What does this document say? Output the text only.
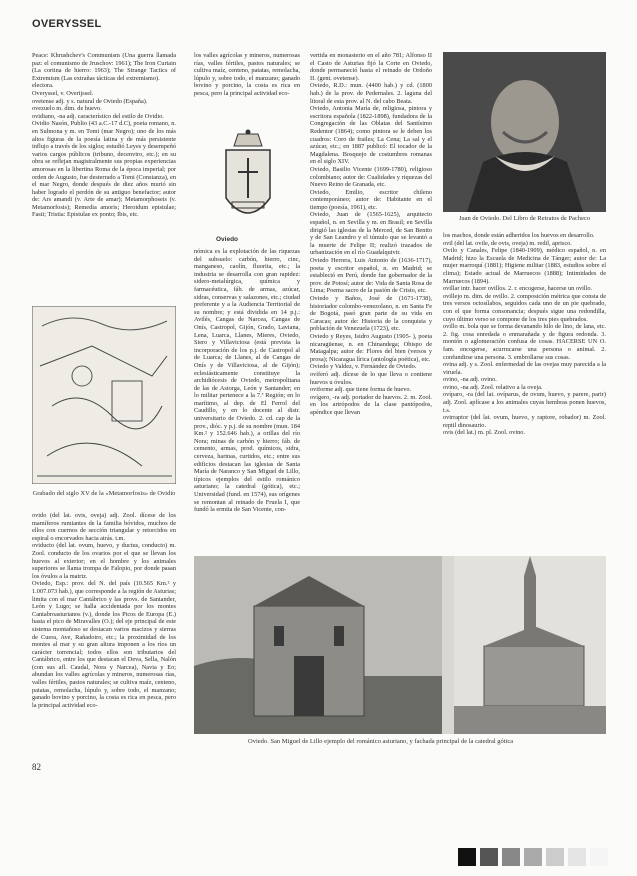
OVERYSSEL

Peace: Khrushchev's Communism (Una guerra llamada paz: el comunismo de Jruschov: 1961); The Iron Curtain (La cortina de hierro: 1963); The Strange Tactics of Extremism (Las extrañas tácticas del extremismo).

electora.

Overyssel, v. Overijssel.

ovetense adj. y s. natural de Oviedo (España).

ovezuelo m. dim. de huevo.

ovidiano, -na adj. característico del estilo de Ovidio.

Ovidio Nasón, Publio (43 a.C.-17 d.C), poeta romano, n. en Sulmona y m. en Tomi (mar Negro); uno de los más altos figuras de la poesía latina y de más persistente influjo a través de los siglos; estudió Leyes y desempeñó varios cargos públicos (tribuno, decenviro, etc.); en su obra se reflejan magistralmente sus propias experiencias amorosas en la libertina Roma de la época imperial; por orden de Augusto, fue desterrado a Tomi (Constanza), en el mar Negro, donde después de diez años murió sin haber logrado el perdón de su antiguo benefactor; autor de: Ars amandi (v. Arte de amar); Metamorphoseis (v. Metamorfosis); Remedia amoris; Heroidum epistulae; Fasti; Tristia: Epistulae ex ponto; Ibis, etc.

Grabado del siglo XV de la «Metamorfosis» de Ovidio

ovido (del lat. ovis, oveja) adj. Zool. dícese de los mamíferos rumiantes de la familia bóvidos, muchos de ellos con cuernos de sección triangular y retorcidos en espiral o encorvados hacia atrás. t.m.

oviducto (del lat. ovum, huevo, y ductus, conducto) m. Zool. conducto de los ovarios por el que se llevan los huevos al exterior; en el hombre y los animales superiores se llama trompa de Falopio, por donde pasan los óvulos a la matriz.

Oviedo, Esp.: prov. del N. del país (10.565 Km.² y 1.007.073 hab.), que corresponde a la región de Asturias; limita con el mar Cantábrico y las provs. de Santander, León y Lugo; se halla accidentada por los montes Cantabroasturianos (v.), donde los Picos de Europa (E.) hasta el pico de Miravalles (O.); del eje principal de este sistema montañoso se destacan varios macizos y sierras de Cuera, Ave, Rañadoiro, etc.; la proximidad de los montes al mar y su gran altura imponen a los ríos un carácter torrencial; todos ellos son tributarios del Cantábrico, entre los que destacan el Deva, Sella, Nalón (con sus afl. Caudal, Nora y Narcea), Navia y Eo; abundan los valles agrícolas y mineros, numerosas rías, valles fértiles, pastos naturales; se cultiva maíz, centeno, patatas, remolacha, lúpulo y, sobre todo, el manzano; ganado bovino y porcino, la costa es rica en pesca, pero la principal actividad eco-

los valles agrícolas y mineros, numerosas rías, valles fértiles, pastos naturales; se cultiva maíz, centeno, patatas, remolacha, lúpulo y, sobre todo, el manzano; ganado bovino y porcino, la costa es rica en pesca, pero la principal actividad eco-

Oviedo

nómica es la explotación de las riquezas del subsuelo: carbón, hierro, cinc, manganeso, caolín, fluorita, etc.; la industria se desarrolla con gran rapidez: sidero-metalúrgica, química y farmacéutica, fáb. de armas, azúcar, sidras, conservas y salazones, etc.; ciudad preferente y a la Audiencia Territorial de su nombre; y está dividida en 14 p.j.: Avilés, Cangas de Narcea, Cangas de Onís, Castropol, Gijón, Grado, Laviana, Lena, Luarca, Llanes, Mieres, Oviedo, Siero y Villaviciosa (está prevista la incorporación de los p.j. de Castropol al de Luarca; de Llanes, al de Cangas de Onís y de Villaviciosa, al de Gijón); eclesiásticamente constituye la archidiócesis de Oviedo, metropolitana de las de Astorga, León y Santander; en lo militar pertenece a la 7.ª Región; en lo marítimo, al dep. de El Ferrol del Caudillo, y en lo docente al distr. universitario de Oviedo. 2. cd. cap de la prov., dióc. y p.j. de su nombre (mun. 184 Km.² y 152.646 hab.), a orillas del río Nora; minas de carbón y hierro; fáb. de cemento, armas, prod. químicos, sidra, cerveza, harinas, curtidos, etc.; entre sus edificios destacan las iglesias de Santa María de Naranco y San Miguel de Lillo, típicos ejemplos del estilo románico asturiano; la catedral (gótica), etc.; Universidad (fund. en 1574), sus orígenes se remontan al reinado de Fruela I, que fundó la ermita de San Vicente, con-

vertida en monasterio en el año 781; Alfonso II el Casto de Asturias fijó la Corte en Oviedo, donde permaneció hasta el reinado de Ordoño II. (gent. ovetense).

Oviedo, R.D.: mun. (4400 hab.) y cd. (1800 hab.) de la prov. de Pedernales. 2. laguna del litoral de esta prov. al N. del cabo Beata.

Oviedo, Antonia María de, religiosa, pintora y escritora española (1822-1898), fundadora de la Congregación de las Oblatas del Santísimo Redentor (1864); como pintora se le deben los cuadros: Coro de frailes; La Cena; La sal y el azúcar, etc.; en 1887 publicó: El tocador de la Magdalena. Bosquejo de costumbres romanas en el siglo XIV.

Oviedo, Basilio Vicente (1699-1780), religioso colombiano; autor de: Cualidades y riquezas del Nuevo Reino de Granada, etc.

Oviedo, Emilio, escritor chileno contemporáneo; autor de: Habitante en el tiempo (poesía, 1961), etc.

Oviedo, Juan de (1565-1625), arquitecto español, n. en Sevilla y m. en Brasil; en Sevilla dirigió las iglesias de la Merced, de San Benito y de San Leandro y el túmulo que se levantó a la muerte de Felipe II; realizó trazados de urbanización en el río Guadalquivir.

Oviedo Herrera, Luis Antonio de (1636-1717), poeta y escritor español, n. en Madrid; se estableció en Perú, donde fue gobernador de la prov. de Potosí; autor de: Vida de Santa Rosa de Lima; Poema sacro de la pasión de Cristo, etc.

Oviedo y Baños, José de (1671-1738), historiador colombo-venezolano, n. en Santa Fe de Bogotá, pasó gran parte de su vida en Caracas; autor de: Historia de la conquista y población de Venezuela (1723), etc.

Oviedo y Reyes, Isidro Augusto (1905- ), poeta nicaragüense, n. en Chinandega; Obispo de Matagalpa; autor de: Flores del bien (versos y prosa); Nicaragua lírica (antología poética), etc.

Oviedo y Valdez, v. Fernández de Oviedo.

ovíferó adj. dícese de lo que lleva o contiene huevos u óvulos.

oviforme adj. que tiene forma de huevo.

ovígero, -ra adj. portador de huevos. 2. m. Zool. en los artrópodos de la clase pantópodos, apéndice que llevan

Juan de Oviedo. Del Libro de Retratos de Pacheco

los machos, donde están adheridos los huevos en desarrollo.

ovil (del lat. ovile, de ovis, oveja) m. redil, aprisco.

Ovilo y Canales, Felipe (1840-1909), médico español, n. en Madrid; hizo la Escuela de Medicina de Tánger; autor de: La mujer marroquí (1881); Higiene militar (1883, estudios sobre el clima); Estado actual de Marruecos (1888); Intimidades de Marruecos (1894).

ovillar intr. hacer ovillos. 2. r. encogerse, hacerse un ovillo.

ovillejo m. dim. de ovillo. 2. composición métrica que consta de tres versos octosílabos, seguidos cada uno de un pie quebrado, con el que forma consonancia; después sigue una redondilla, cuyo último verso se compone de los tres pies quebrados.

ovillo m. bola que se forma devanando hilo de lino, de lana, etc. 2. fig. cosa enredada o enmarañada y de figura redonda. 3. montón o aglomeración confusa de cosas. HACERSE UN O. fam. encogerse, acurrucarse una persona o animal. 2. confundirse una persona. 3. embrollarse sus cosas.

ovina adj. y s. Zool. enfermedad de las ovejas muy parecida a la viruela.

ovino, -na adj. ovino.

ovino, -na adj. Zool. relativo a la oveja.

ovíparo, -ra (del lat. ovíparus, de ovum, huevo, y parere, parir) adj. Zool. aplícase a los animales cuyas hembras ponen huevos, t.s.

ovirraptor (del lat. ovum, huevo, y raptore, robador) m. Zool. reptil dinosaurio.

ovis (del lat.) m. pl. Zool. ovino.

Oviedo. San Miguel de Lillo ejemplo del románico asturiano, y fachada principal de la catedral gótica
82
